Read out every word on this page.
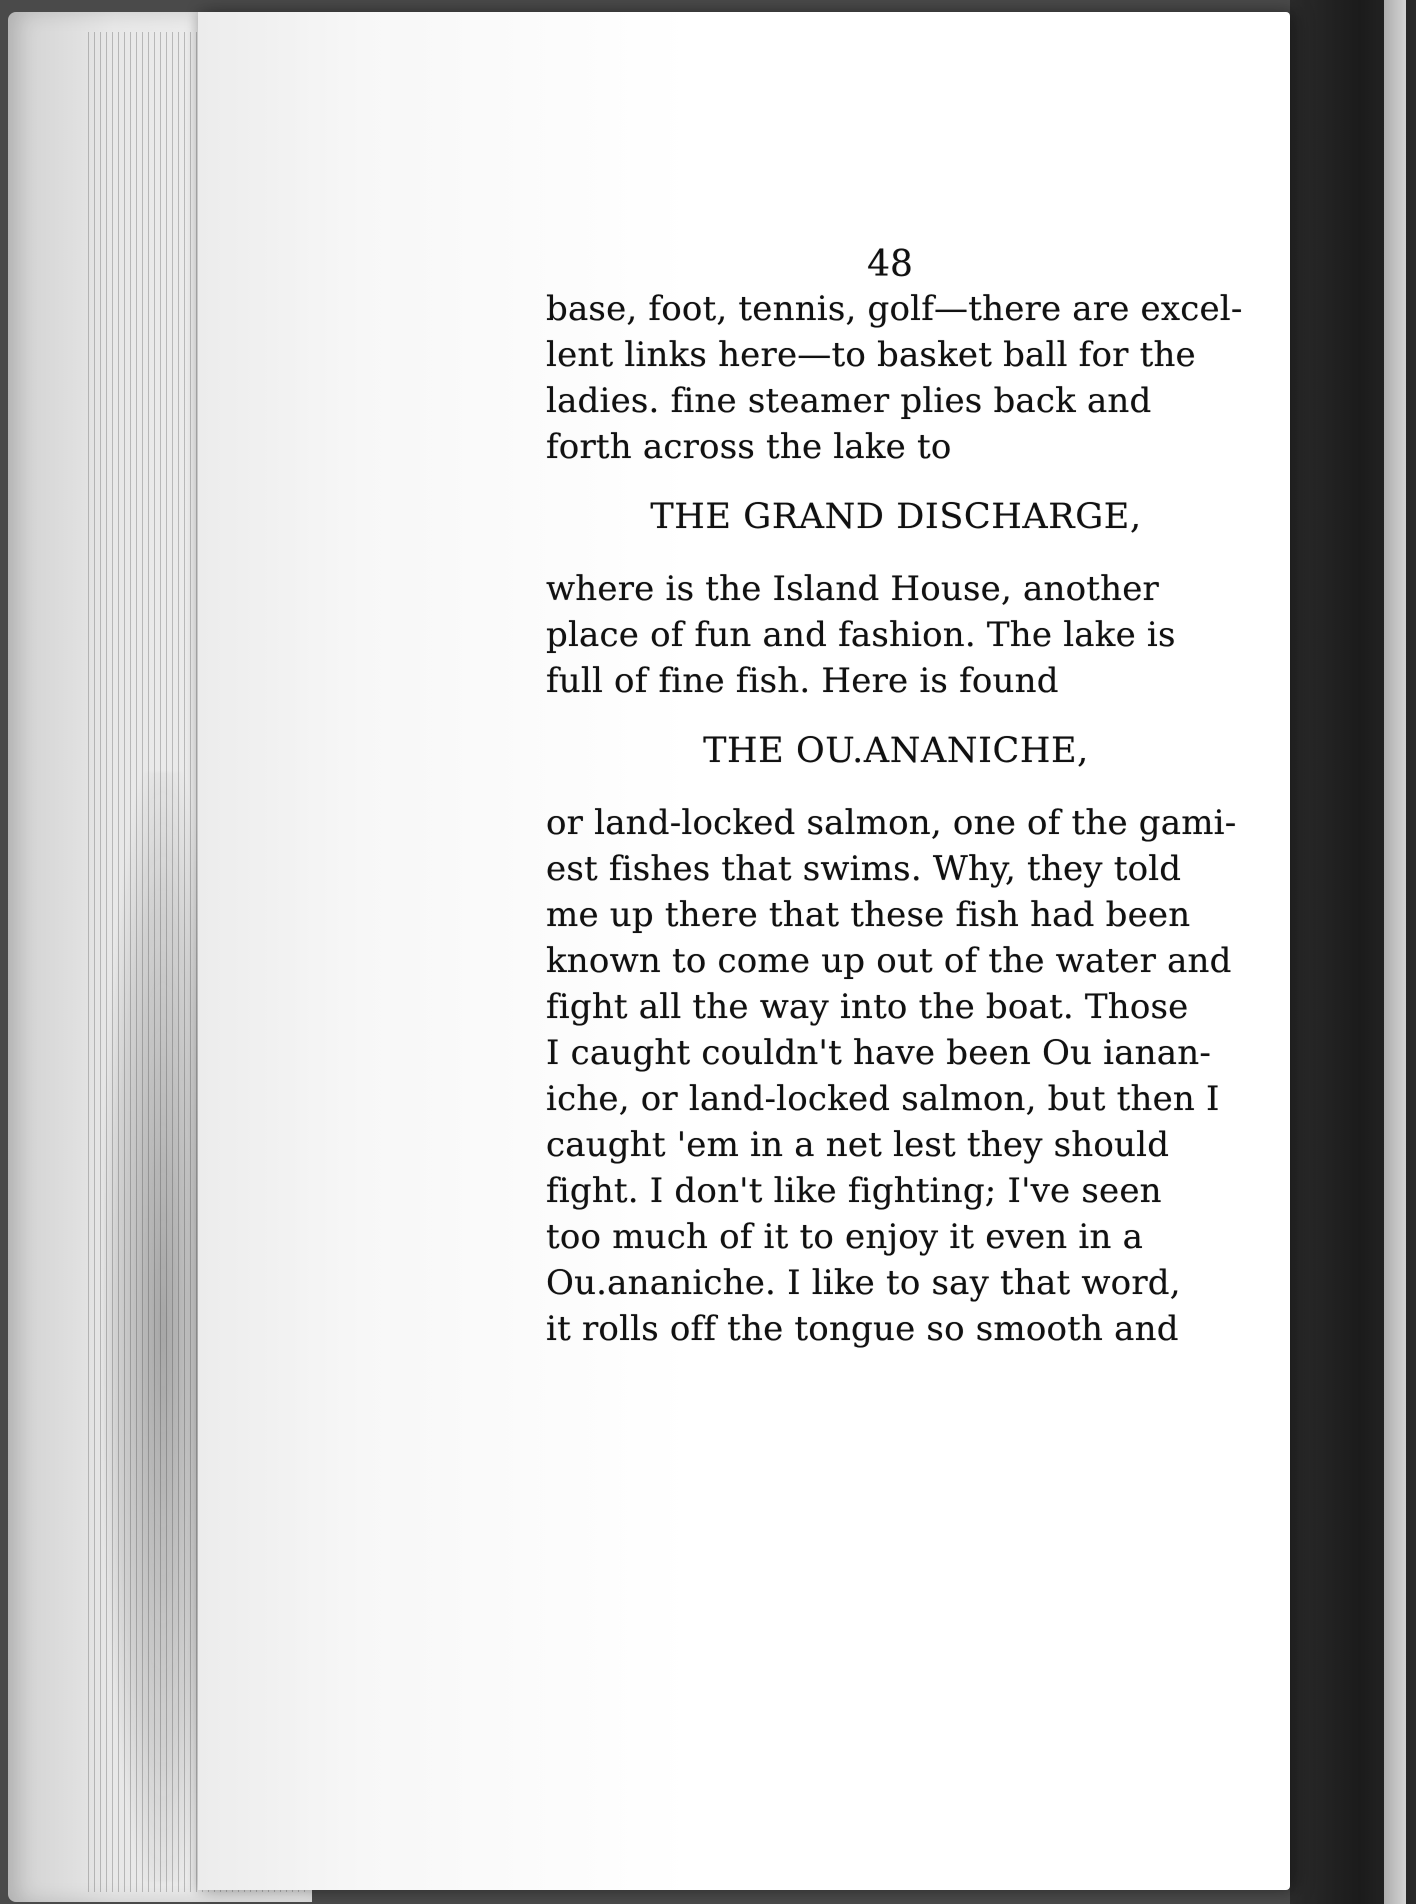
48
base, foot, tennis, golf—there are excel-
lent links here—to basket ball for the
ladies. fine steamer plies back and
forth across the lake to
THE GRAND DISCHARGE,
where is the Island House, another
place of fun and fashion. The lake is
full of fine fish. Here is found
THE OU.ANANICHE,
or land-locked salmon, one of the gami-
est fishes that swims. Why, they told
me up there that these fish had been
known to come up out of the water and
fight all the way into the boat. Those
I caught couldn't have been Ou ianan-
iche, or land-locked salmon, but then I
caught 'em in a net lest they should
fight. I don't like fighting; I've seen
too much of it to enjoy it even in a
Ou.ananiche. I like to say that word,
it rolls off the tongue so smooth and
